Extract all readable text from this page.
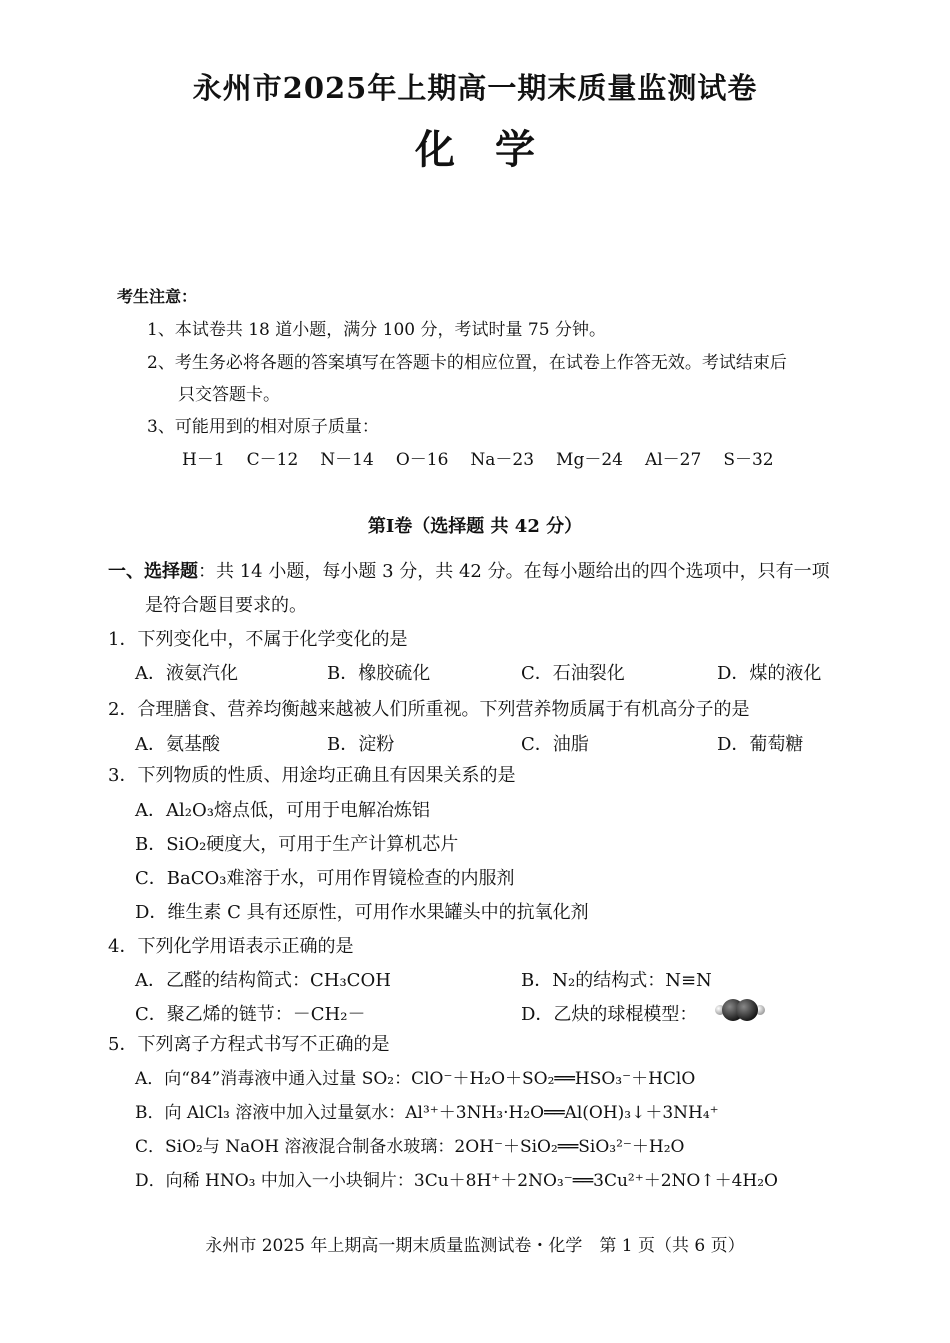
永州市2025年上期高一期末质量监测试卷
化学
考生注意：
1、本试卷共 18 道小题，满分 100 分，考试时量 75 分钟。
2、考生务必将各题的答案填写在答题卡的相应位置，在试卷上作答无效。考试结束后
只交答题卡。
3、可能用到的相对原子质量：
H－1 C－12 N－14 O－16 Na－23 Mg－24 Al－27 S－32
第Ⅰ卷（选择题 共 42 分）
一、选择题：共 14 小题，每小题 3 分，共 42 分。在每小题给出的四个选项中，只有一项
是符合题目要求的。
1．下列变化中，不属于化学变化的是
A．液氨汽化	B．橡胶硫化	C．石油裂化	D．煤的液化
2．合理膳食、营养均衡越来越被人们所重视。下列营养物质属于有机高分子的是
A．氨基酸	B．淀粉	C．油脂	D．葡萄糖
3．下列物质的性质、用途均正确且有因果关系的是
A．Al₂O₃熔点低，可用于电解冶炼铝
B．SiO₂硬度大，可用于生产计算机芯片
C．BaCO₃难溶于水，可用作胃镜检查的内服剂
D．维生素 C 具有还原性，可用作水果罐头中的抗氧化剂
4．下列化学用语表示正确的是
A．乙醛的结构简式：CH₃COH	B．N₂的结构式：N≡N
C．聚乙烯的链节：－CH₂－	D．乙炔的球棍模型：
5．下列离子方程式书写不正确的是
A．向“84”消毒液中通入过量 SO₂：ClO⁻＋H₂O＋SO₂══HSO₃⁻＋HClO
B．向 AlCl₃ 溶液中加入过量氨水：Al³⁺＋3NH₃·H₂O══Al(OH)₃↓＋3NH₄⁺
C．SiO₂与 NaOH 溶液混合制备水玻璃：2OH⁻＋SiO₂══SiO₃²⁻＋H₂O
D．向稀 HNO₃ 中加入一小块铜片：3Cu＋8H⁺＋2NO₃⁻══3Cu²⁺＋2NO↑＋4H₂O
永州市 2025 年上期高一期末质量监测试卷・化学　第 1 页（共 6 页）
